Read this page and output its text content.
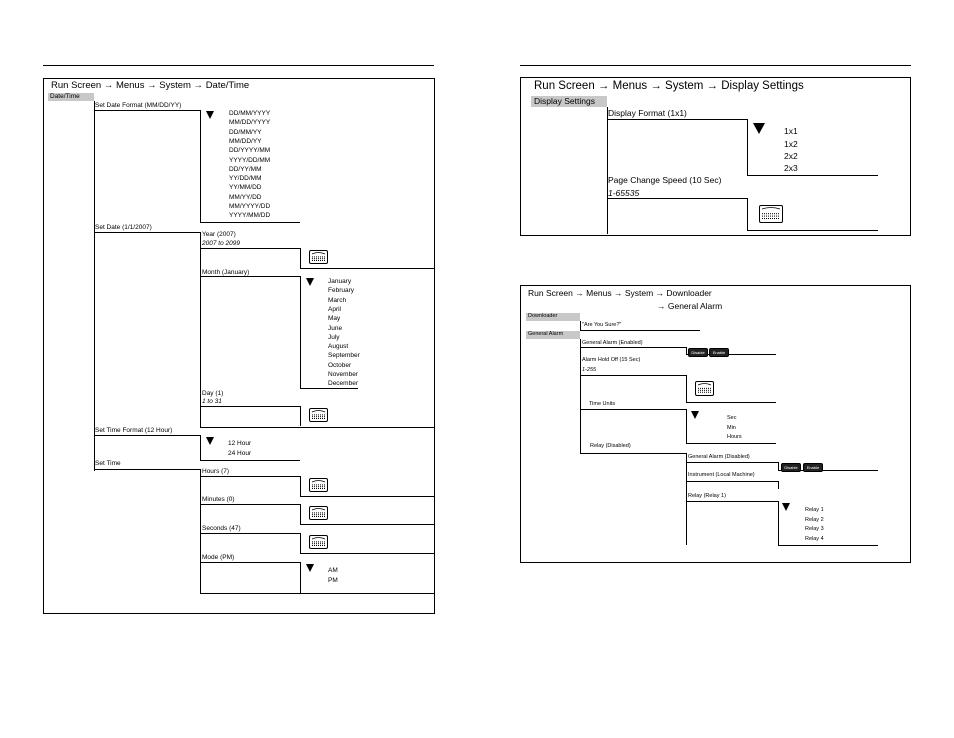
Run Screen → Menus → System → Date/Time
Date/Time
Set Date Format (MM/DD/YY)
DD/MM/YYYY
MM/DD/YYYY
DD/MM/YY
MM/DD/YY
DD/YYYY/MM
YYYY/DD/MM
DD/YY/MM
YY/DD/MM
YY/MM/DD
MM/YY/DD
MM/YYYY/DD
YYYY/MM/DD
Set Date (1/1/2007)
Year (2007)
2007 to 2099
Month (January)
January
February
March
April
May
June
July
August
September
October
November
December
Day (1)
1 to 31
Set Time Format (12 Hour)
12 Hour
24 Hour
Set Time
Hours (7)
Minutes (0)
Seconds (47)
Mode (PM)
AM
PM
Run Screen → Menus → System → Display Settings
Display Settings
Display Format (1x1)
1x1
1x2
2x2
2x3
Page Change Speed (10 Sec)
1-65535
Run Screen → Menus → System → Downloader
→ General Alarm
Downloader
"Are You Sure?"
General Alarm
General Alarm (Enabled)
Disable	Enable
Alarm Hold Off (15 Sec)
1-255
Time Units
Sec
Min
Hours
Relay (Disabled)
General Alarm (Disabled)
Disable	Enable
Instrument (Local Machine)
Relay (Relay 1)
Relay 1
Relay 2
Relay 3
Relay 4
